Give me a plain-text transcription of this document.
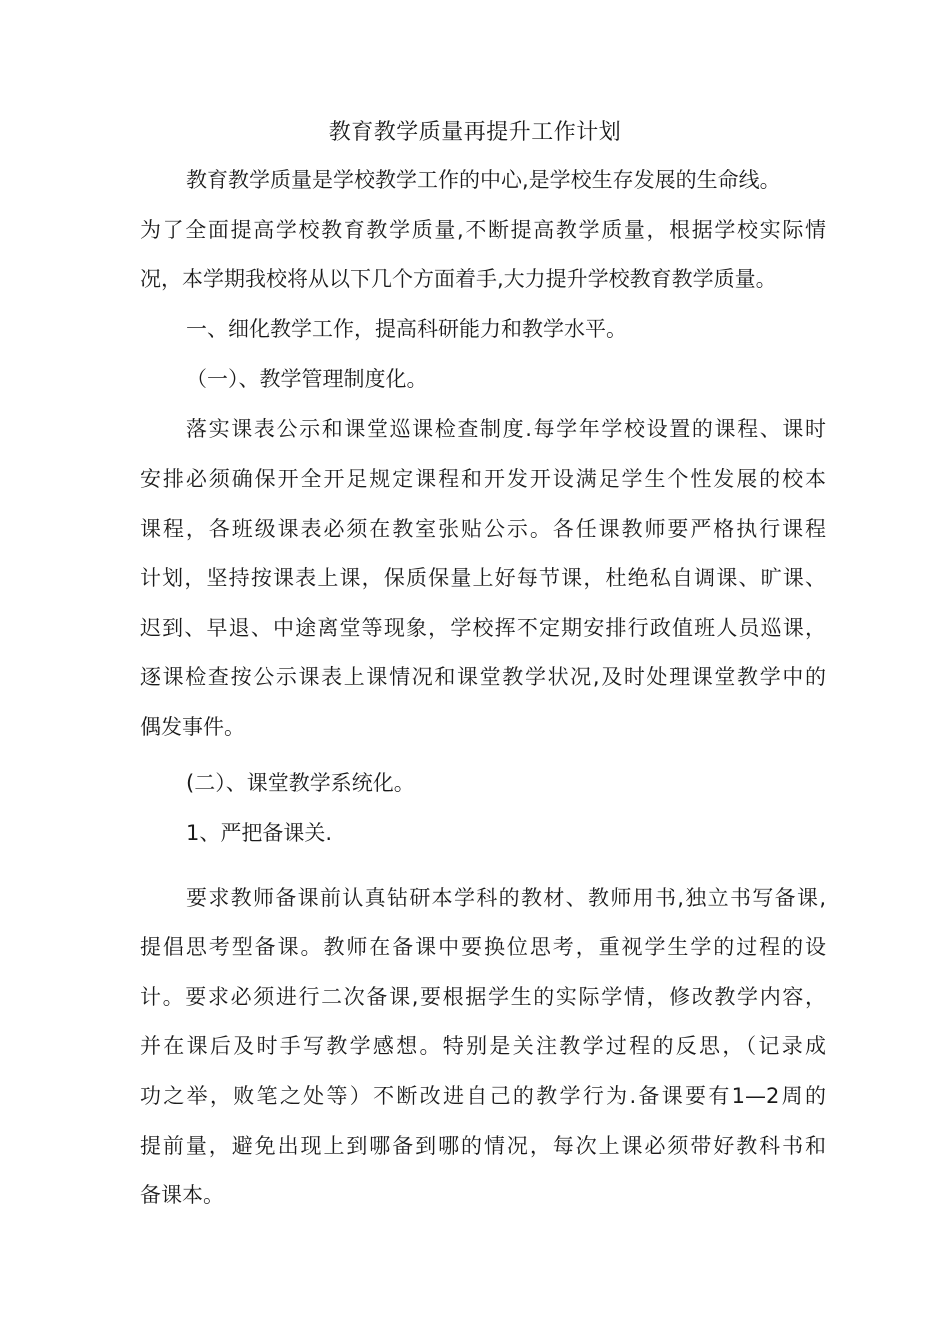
教育教学质量再提升工作计划

教育教学质量是学校教学工作的中心,是学校生存发展的生命线。

为了全面提高学校教育教学质量,不断提高教学质量，根据学校实际情

况，本学期我校将从以下几个方面着手,大力提升学校教育教学质量。

一、细化教学工作，提高科研能力和教学水平。

（一）、教学管理制度化。

落实课表公示和课堂巡课检查制度.每学年学校设置的课程、课时

安排必须确保开全开足规定课程和开发开设满足学生个性发展的校本

课程，各班级课表必须在教室张贴公示。各任课教师要严格执行课程

计划，坚持按课表上课，保质保量上好每节课，杜绝私自调课、旷课、

迟到、早退、中途离堂等现象，学校挥不定期安排行政值班人员巡课，

逐课检查按公示课表上课情况和课堂教学状况,及时处理课堂教学中的

偶发事件。

(二）、课堂教学系统化。

1、严把备课关.

要求教师备课前认真钻研本学科的教材、教师用书,独立书写备课,

提倡思考型备课。教师在备课中要换位思考，重视学生学的过程的设

计。要求必须进行二次备课,要根据学生的实际学情，修改教学内容，

并在课后及时手写教学感想。特别是关注教学过程的反思，（记录成

功之举，败笔之处等）不断改进自己的教学行为.备课要有1—2周的

提前量，避免出现上到哪备到哪的情况，每次上课必须带好教科书和

备课本。
